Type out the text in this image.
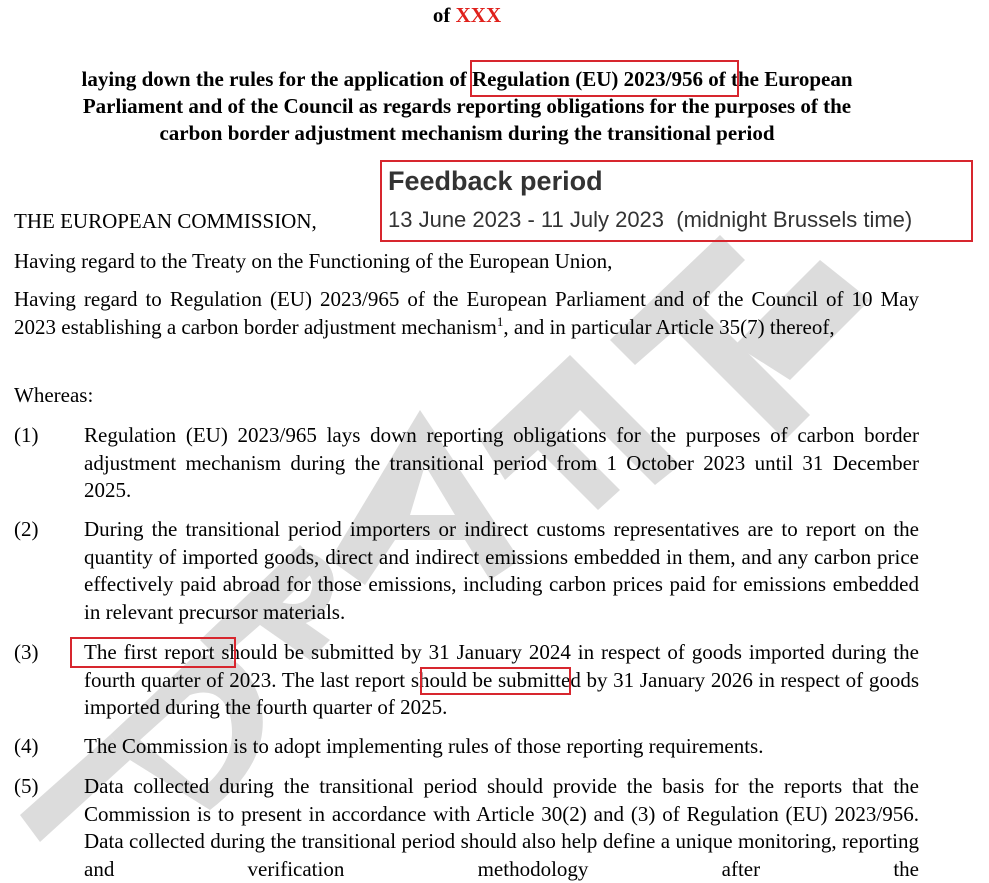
of XXX
laying down the rules for the application of Regulation (EU) 2023/956 of the European
Parliament and of the Council as regards reporting obligations for the purposes of the
carbon border adjustment mechanism during the transitional period
Feedback period
13 June 2023 - 11 July 2023 (midnight Brussels time)
THE EUROPEAN COMMISSION,
Having regard to the Treaty on the Functioning of the European Union,
Having regard to Regulation (EU) 2023/965 of the European Parliament and of the Council of 10 May 2023 establishing a carbon border adjustment mechanism$^1$, and in particular Article 35(7) thereof,
Whereas:
(1) Regulation (EU) 2023/965 lays down reporting obligations for the purposes of carbon border adjustment mechanism during the transitional period from 1 October 2023 until 31 December 2025.
(2) During the transitional period importers or indirect customs representatives are to report on the quantity of imported goods, direct and indirect emissions embedded in them, and any carbon price effectively paid abroad for those emissions, including carbon prices paid for emissions embedded in relevant precursor materials.
(3) The first report should be submitted by 31 January 2024 in respect of goods imported during the fourth quarter of 2023. The last report should be submitted by 31 January 2026 in respect of goods imported during the fourth quarter of 2025.
(4) The Commission is to adopt implementing rules of those reporting requirements.
(5) Data collected during the transitional period should provide the basis for the reports that the Commission is to present in accordance with Article 30(2) and (3) of Regulation (EU) 2023/956. Data collected during the transitional period should also help define a unique monitoring, reporting and verification methodology after the
